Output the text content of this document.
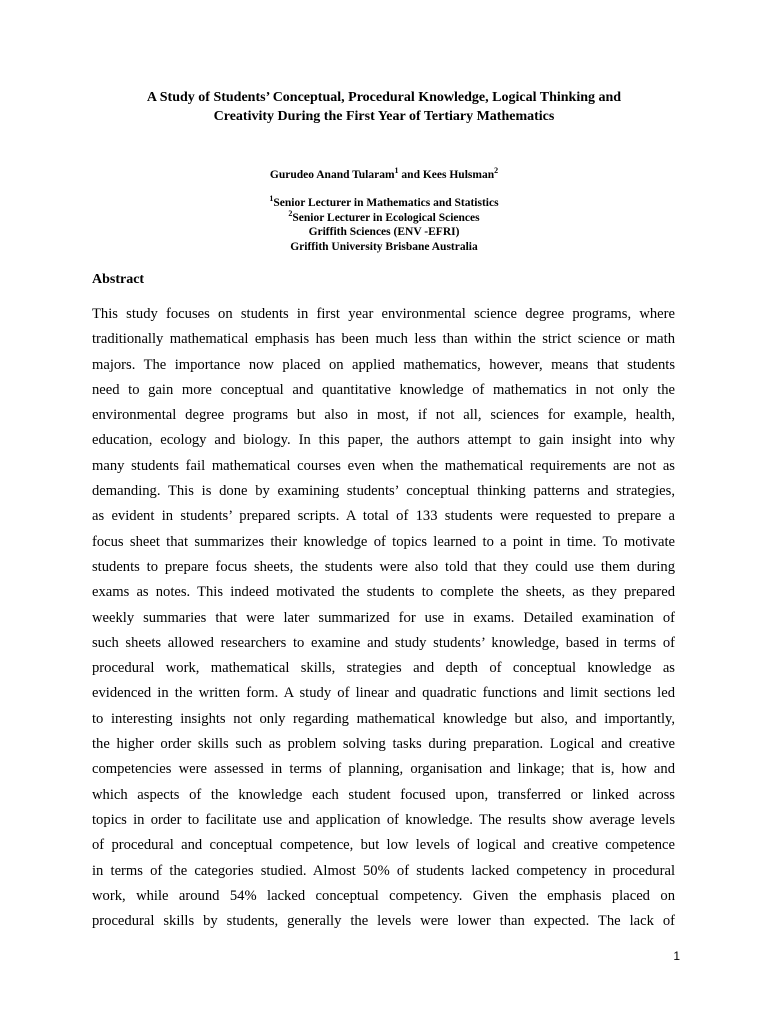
A Study of Students’ Conceptual, Procedural Knowledge, Logical Thinking and
Creativity During the First Year of Tertiary Mathematics
Gurudeo Anand Tularam$^1$ and Kees Hulsman$^2$
$^1$Senior Lecturer in Mathematics and Statistics
$^2$Senior Lecturer in Ecological Sciences
Griffith Sciences (ENV -EFRI)
Griffith University Brisbane Australia
Abstract
This study focuses on students in first year environmental science degree programs, where
traditionally mathematical emphasis has been much less than within the strict science or math
majors. The importance now placed on applied mathematics, however, means that students
need to gain more conceptual and quantitative knowledge of mathematics in not only the
environmental degree programs but also in most, if not all, sciences for example, health,
education, ecology and biology. In this paper, the authors attempt to gain insight into why
many students fail mathematical courses even when the mathematical requirements are not as
demanding. This is done by examining students’ conceptual thinking patterns and strategies,
as evident in students’ prepared scripts. A total of 133 students were requested to prepare a
focus sheet that summarizes their knowledge of topics learned to a point in time. To motivate
students to prepare focus sheets, the students were also told that they could use them during
exams as notes. This indeed motivated the students to complete the sheets, as they prepared
weekly summaries that were later summarized for use in exams. Detailed examination of
such sheets allowed researchers to examine and study students’ knowledge, based in terms of
procedural work, mathematical skills, strategies and depth of conceptual knowledge as
evidenced in the written form. A study of linear and quadratic functions and limit sections led
to interesting insights not only regarding mathematical knowledge but also, and importantly,
the higher order skills such as problem solving tasks during preparation. Logical and creative
competencies were assessed in terms of planning, organisation and linkage; that is, how and
which aspects of the knowledge each student focused upon, transferred or linked across
topics in order to facilitate use and application of knowledge. The results show average levels
of procedural and conceptual competence, but low levels of logical and creative competence
in terms of the categories studied. Almost 50% of students lacked competency in procedural
work, while around 54% lacked conceptual competency. Given the emphasis placed on
procedural skills by students, generally the levels were lower than expected. The lack of
1
